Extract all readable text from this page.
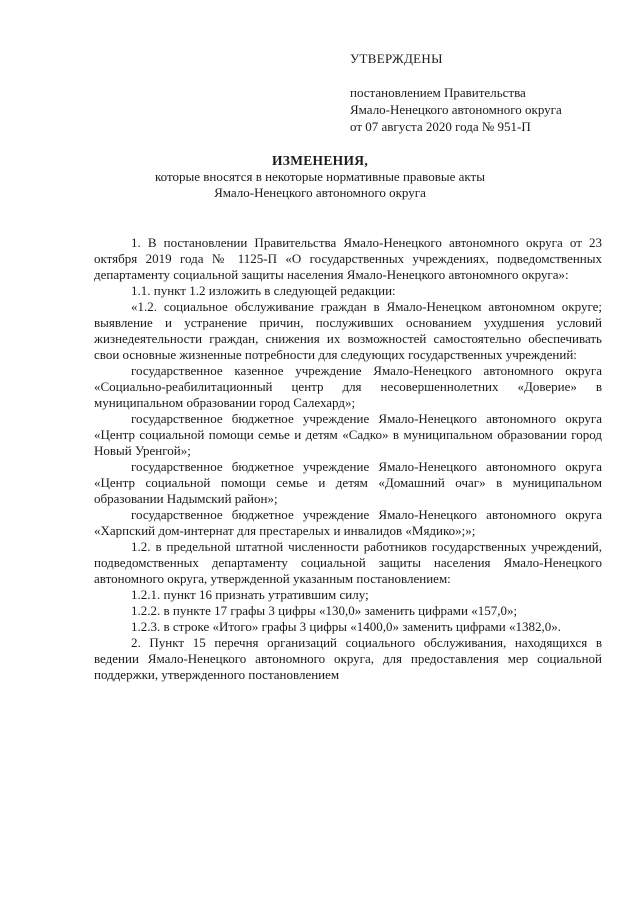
УТВЕРЖДЕНЫ
постановлением Правительства
Ямало-Ненецкого автономного округа
от 07 августа 2020 года № 951-П
ИЗМЕНЕНИЯ,
которые вносятся в некоторые нормативные правовые акты
Ямало-Ненецкого автономного округа

1. В постановлении Правительства Ямало-Ненецкого автономного округа от 23 октября 2019 года № 1125-П «О государственных учреждениях, подведомственных департаменту социальной защиты населения Ямало-Ненецкого автономного округа»:

1.1. пункт 1.2 изложить в следующей редакции:

«1.2. социальное обслуживание граждан в Ямало-Ненецком автономном округе; выявление и устранение причин, послуживших основанием ухудшения условий жизнедеятельности граждан, снижения их возможностей самостоятельно обеспечивать свои основные жизненные потребности для следующих государственных учреждений:

государственное казенное учреждение Ямало-Ненецкого автономного округа «Социально-реабилитационный центр для несовершеннолетних «Доверие» в муниципальном образовании город Салехард»;

государственное бюджетное учреждение Ямало-Ненецкого автономного округа «Центр социальной помощи семье и детям «Садко» в муниципальном образовании город Новый Уренгой»;

государственное бюджетное учреждение Ямало-Ненецкого автономного округа «Центр социальной помощи семье и детям «Домашний очаг» в муниципальном образовании Надымский район»;

государственное бюджетное учреждение Ямало-Ненецкого автономного округа «Харпский дом-интернат для престарелых и инвалидов «Мядико»;»;

1.2. в предельной штатной численности работников государственных учреждений, подведомственных департаменту социальной защиты населения Ямало-Ненецкого автономного округа, утвержденной указанным постановлением:

1.2.1. пункт 16 признать утратившим силу;

1.2.2. в пункте 17 графы 3 цифры «130,0» заменить цифрами «157,0»;

1.2.3. в строке «Итого» графы 3 цифры «1400,0» заменить цифрами «1382,0».

2. Пункт 15 перечня организаций социального обслуживания, находящихся в ведении Ямало-Ненецкого автономного округа, для предоставления мер социальной поддержки, утвержденного постановлением
